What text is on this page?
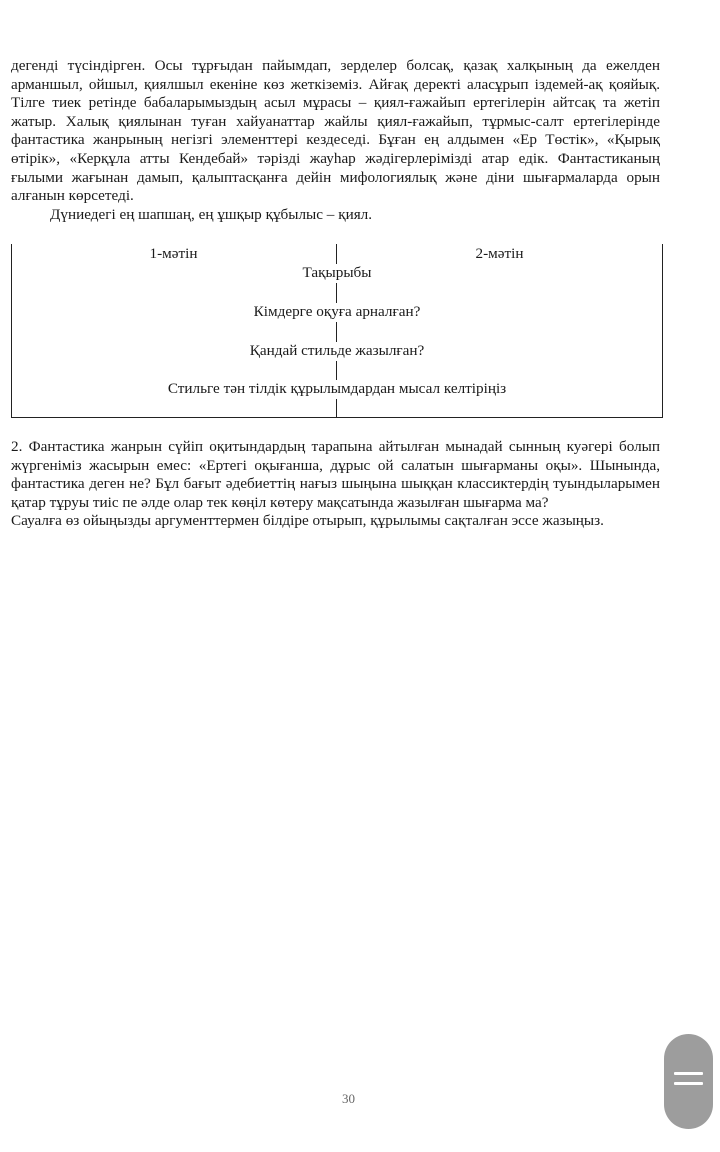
дегенді түсіндірген. Осы тұрғыдан пайымдап, зерделер болсақ, қазақ халқының да ежелден арманшыл, ойшыл, қиялшыл екеніне көз жеткіземіз. Айғақ деректі аласұрып іздемей-ақ қояйық. Тілге тиек ретінде бабаларымыздың асыл мұрасы – қиял-ғажайып ертегілерін айтсақ та жетіп жатыр. Халық қиялынан туған хайуанаттар жайлы қиял-ғажайып, тұрмыс-салт ертегілерінде фантастика жанрының негізгі элементтері кездеседі. Бұған ең алдымен «Ер Төстік», «Қырық өтірік», «Керқұла атты Кендебай» тәрізді жауһар жәдігерлерімізді атар едік. Фантастиканың ғылыми жағынан дамып, қалыптасқанға дейін мифологиялық және діни шығармаларда орын алғанын көрсетеді.

Дүниедегі ең шапшаң, ең ұшқыр құбылыс – қиял.

1-мәтін	2-мәтін
Тақырыбы
Кімдерге оқуға арналған?
Қандай стильде жазылған?
Стильге тән тілдік құрылымдардан мысал келтіріңіз

2. Фантастика жанрын сүйіп оқитындардың тарапына айтылған мынадай сынның куәгері болып жүргеніміз жасырын емес: «Ертегі оқығанша, дұрыс ой салатын шығарманы оқы». Шынында, фантастика деген не? Бұл бағыт әдебиеттің нағыз шыңына шыққан классиктердің туындыларымен қатар тұруы тиіс пе әлде олар тек көңіл көтеру мақсатында жазылған шығарма ма?

Сауалға өз ойыңызды аргументтермен білдіре отырып, құрылымы сақталған эссе жазыңыз.

30
